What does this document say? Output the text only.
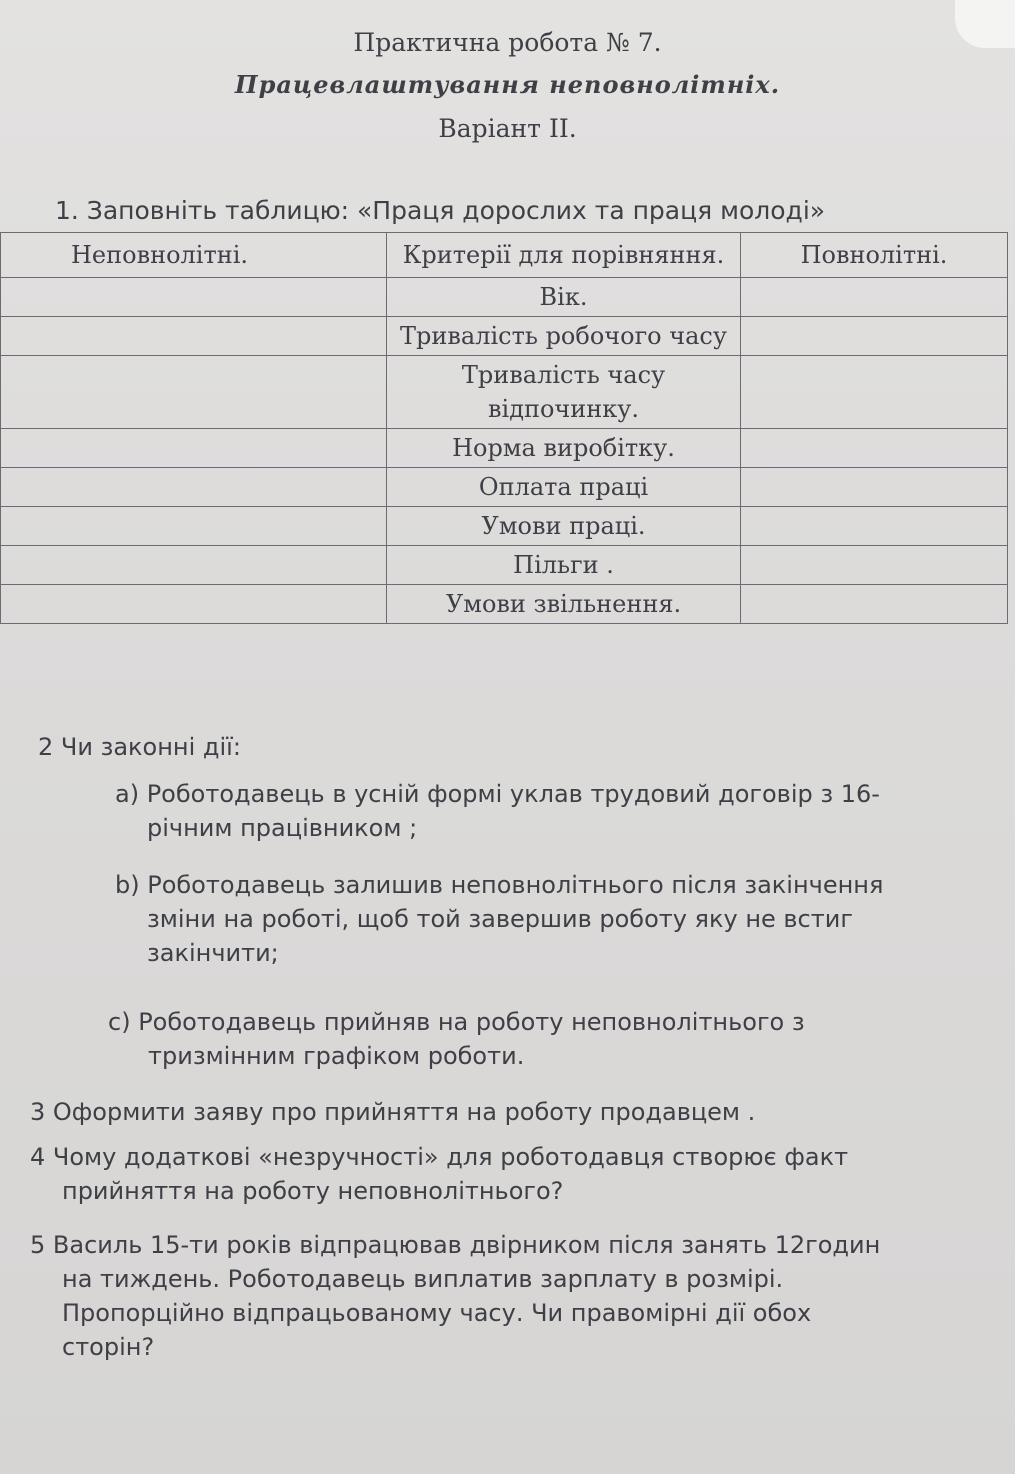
Практична робота № 7.
Працевлаштування неповнолітніх.
Варіант II.
1. Заповніть таблицю: «Праця дорослих та праця молоді»
Неповнолітні.	Критерії для порівняння.	Повнолітні.
	Вік.	
	Тривалість робочого часу	
	Тривалість часу відпочинку.	
	Норма виробітку.	
	Оплата праці	
	Умови праці.	
	Пільги .	
	Умови звільнення.	
2 Чи законні дії:
a) Роботодавець в усній формі уклав трудовий договір з 16-
річним працівником ;
b) Роботодавець залишив неповнолітнього після закінчення
зміни на роботі, щоб той завершив роботу яку не встиг
закінчити;
c) Роботодавець прийняв на роботу неповнолітнього з
тризмінним графіком роботи.
3 Оформити заяву про прийняття на роботу продавцем .
4 Чому додаткові «незручності» для роботодавця створює факт
прийняття на роботу неповнолітнього?
5 Василь 15-ти років відпрацював двірником після занять 12годин
на тиждень. Роботодавець виплатив зарплату в розмірі.
Пропорційно відпрацьованому часу. Чи правомірні дії обох
сторін?
